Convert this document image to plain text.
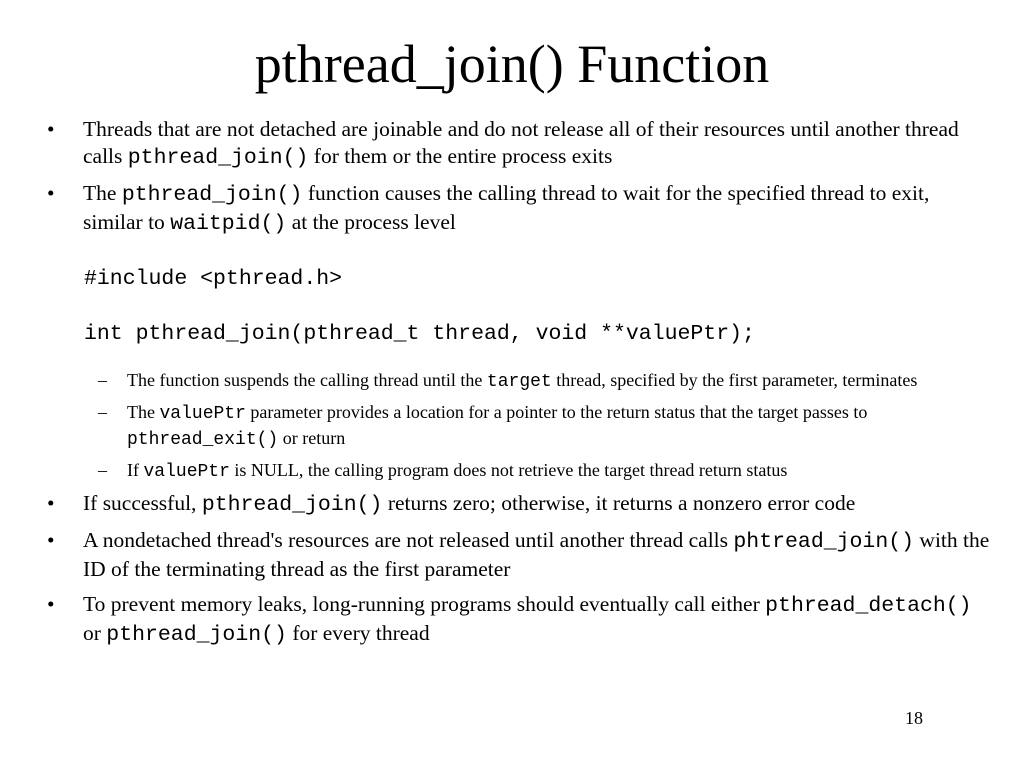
pthread_join() Function
• Threads that are not detached are joinable and do not release all of their resources until another thread calls pthread_join() for them or the entire process exits
• The pthread_join() function causes the calling thread to wait for the specified thread to exit, similar to waitpid() at the process level
#include <pthread.h>
int pthread_join(pthread_t thread, void **valuePtr);
– The function suspends the calling thread until the target thread, specified by the first parameter, terminates
– The valuePtr parameter provides a location for a pointer to the return status that the target passes to pthread_exit() or return
– If valuePtr is NULL, the calling program does not retrieve the target thread return status
• If successful, pthread_join() returns zero; otherwise, it returns a nonzero error code
• A nondetached thread's resources are not released until another thread calls phtread_join() with the ID of the terminating thread as the first parameter
• To prevent memory leaks, long-running programs should eventually call either pthread_detach() or pthread_join() for every thread
18
